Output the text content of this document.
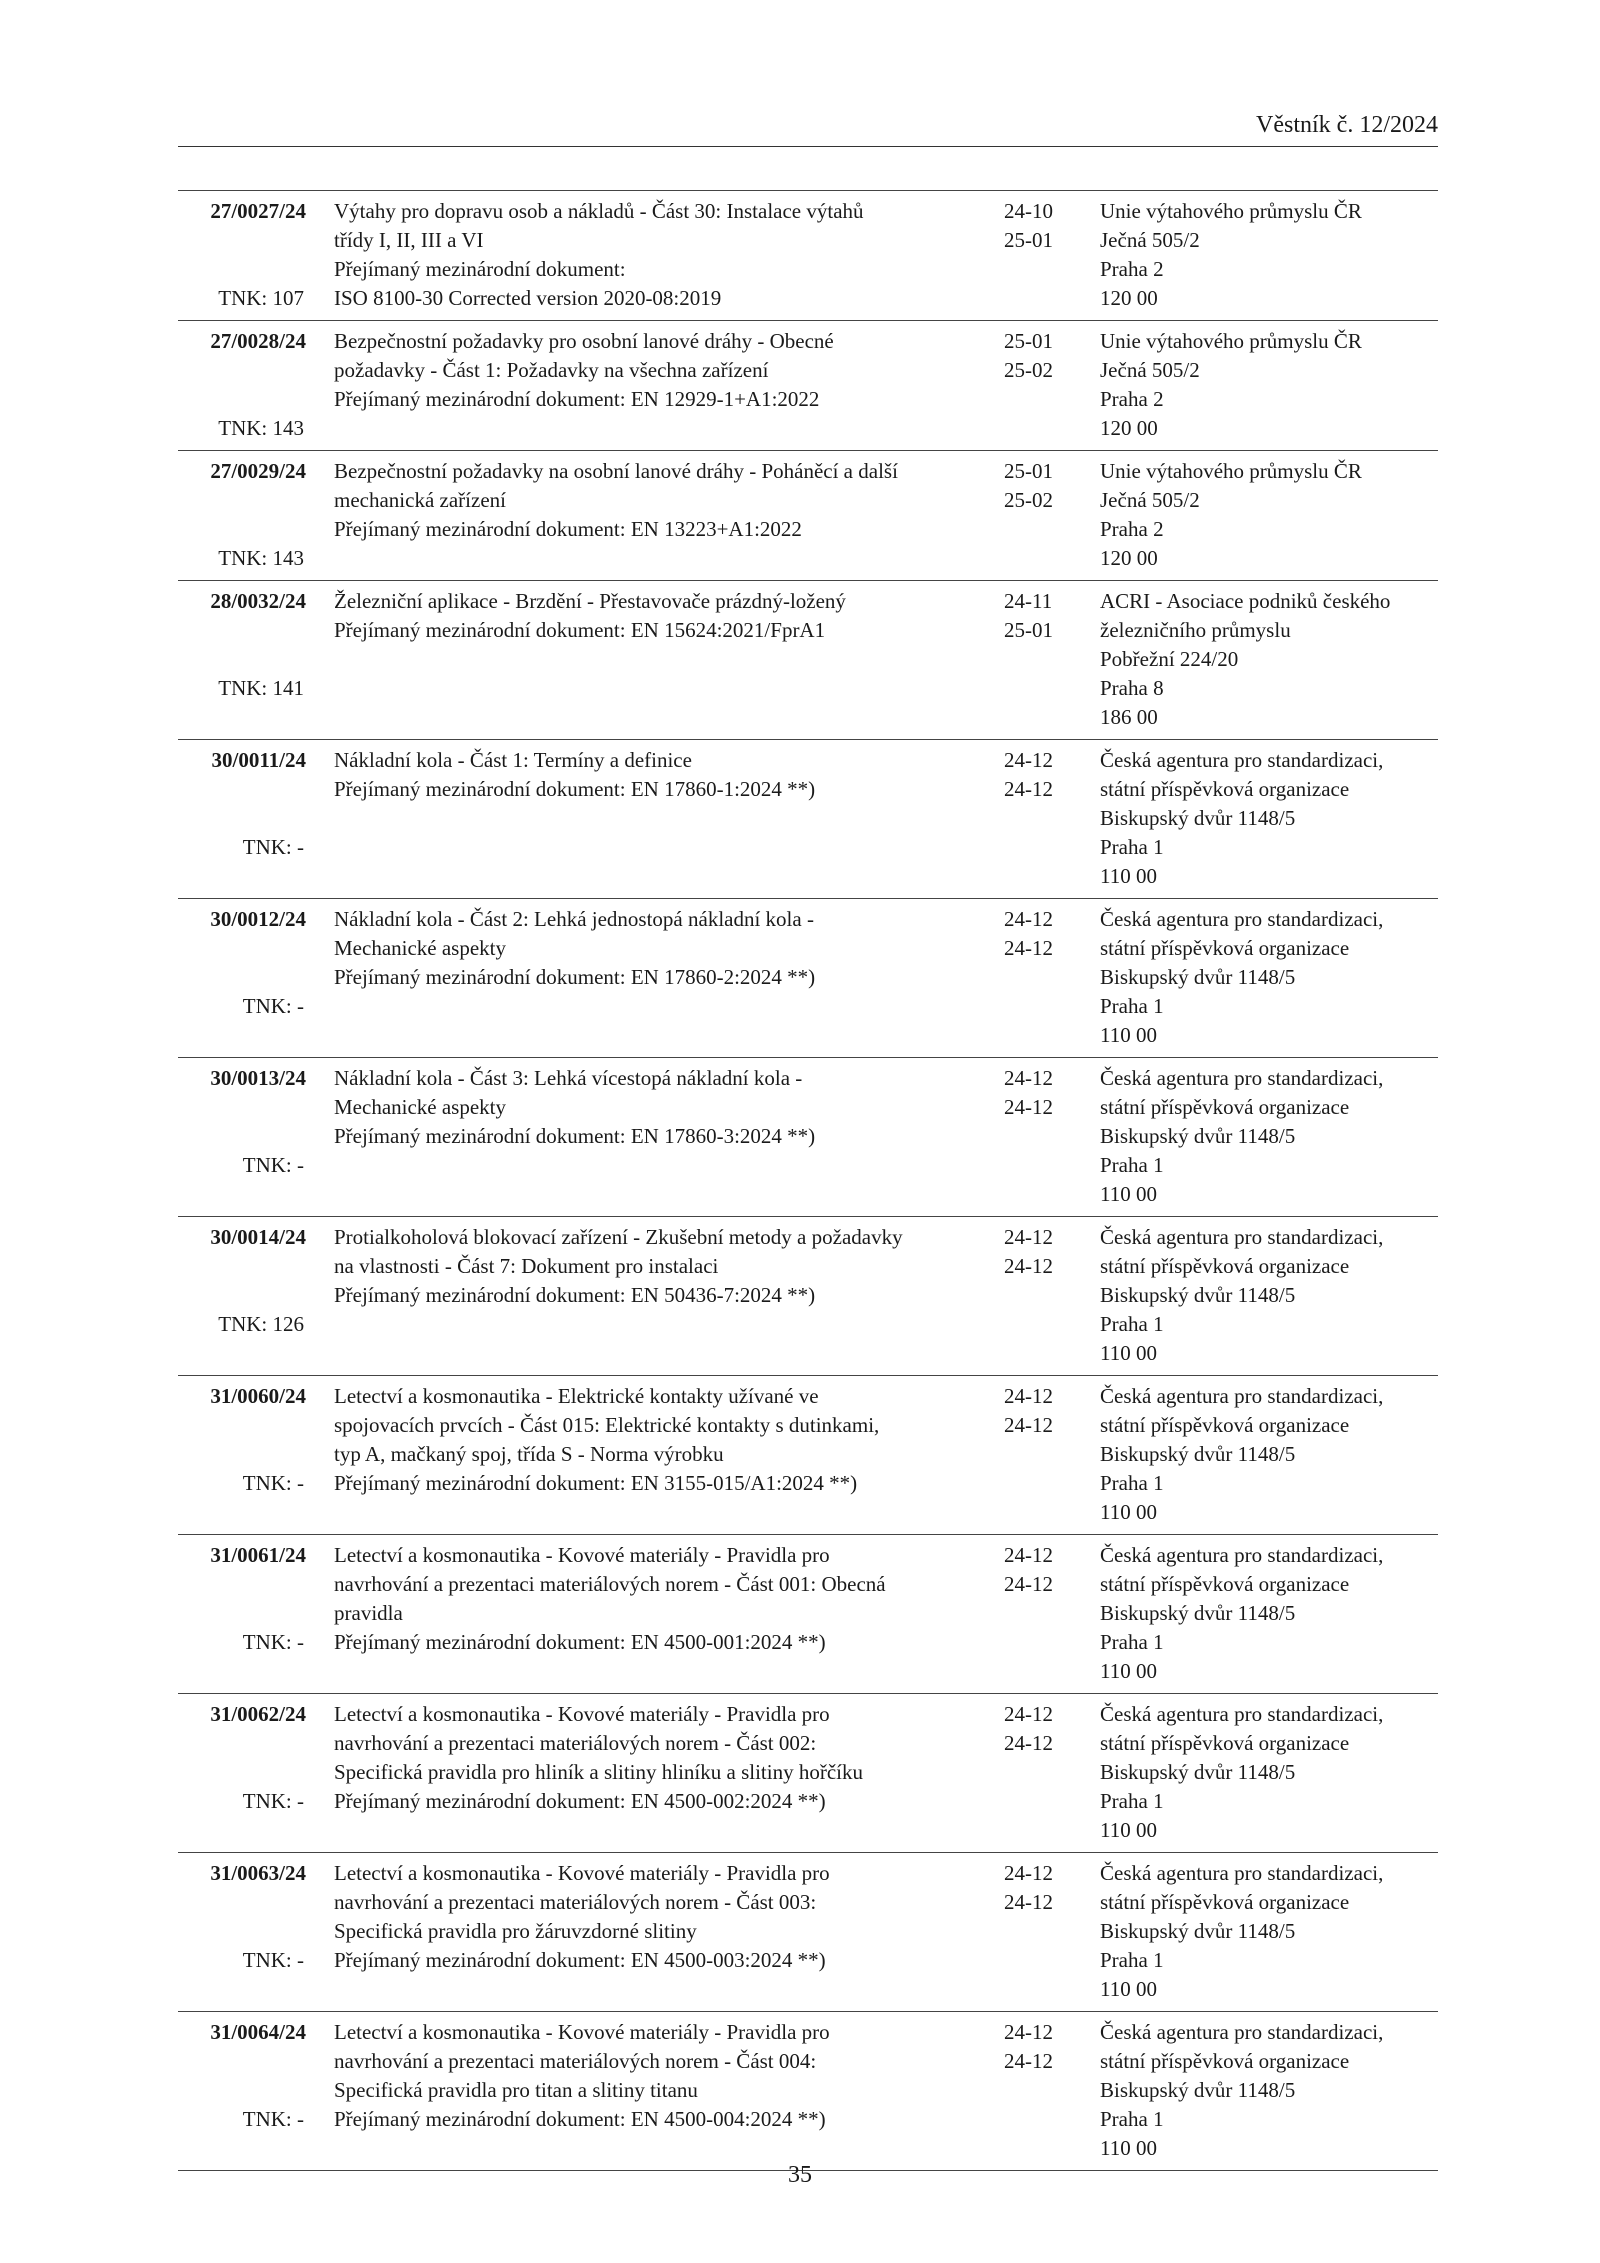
Věstník č. 12/2024
27/0027/24
TNK: 107
Výtahy pro dopravu osob a nákladů - Část 30: Instalace výtahů
třídy I, II, III a VI
Přejímaný mezinárodní dokument:
ISO 8100-30 Corrected version 2020-08:2019
24-10
25-01
Unie výtahového průmyslu ČR
Ječná 505/2
Praha 2
120 00
27/0028/24
TNK: 143
Bezpečnostní požadavky pro osobní lanové dráhy - Obecné
požadavky - Část 1: Požadavky na všechna zařízení
Přejímaný mezinárodní dokument: EN 12929-1+A1:2022
25-01
25-02
Unie výtahového průmyslu ČR
Ječná 505/2
Praha 2
120 00
27/0029/24
TNK: 143
Bezpečnostní požadavky na osobní lanové dráhy - Poháněcí a další
mechanická zařízení
Přejímaný mezinárodní dokument: EN 13223+A1:2022
25-01
25-02
Unie výtahového průmyslu ČR
Ječná 505/2
Praha 2
120 00
28/0032/24
TNK: 141
Železniční aplikace - Brzdění - Přestavovače prázdný-ložený
Přejímaný mezinárodní dokument: EN 15624:2021/FprA1
24-11
25-01
ACRI - Asociace podniků českého
železničního průmyslu
Pobřežní 224/20
Praha 8
186 00
30/0011/24
TNK: -
Nákladní kola - Část 1: Termíny a definice
Přejímaný mezinárodní dokument: EN 17860-1:2024 **)
24-12
24-12
Česká agentura pro standardizaci,
státní příspěvková organizace
Biskupský dvůr 1148/5
Praha 1
110 00
30/0012/24
TNK: -
Nákladní kola - Část 2: Lehká jednostopá nákladní kola -
Mechanické aspekty
Přejímaný mezinárodní dokument: EN 17860-2:2024 **)
24-12
24-12
Česká agentura pro standardizaci,
státní příspěvková organizace
Biskupský dvůr 1148/5
Praha 1
110 00
30/0013/24
TNK: -
Nákladní kola - Část 3: Lehká vícestopá nákladní kola -
Mechanické aspekty
Přejímaný mezinárodní dokument: EN 17860-3:2024 **)
24-12
24-12
Česká agentura pro standardizaci,
státní příspěvková organizace
Biskupský dvůr 1148/5
Praha 1
110 00
30/0014/24
TNK: 126
Protialkoholová blokovací zařízení - Zkušební metody a požadavky
na vlastnosti - Část 7: Dokument pro instalaci
Přejímaný mezinárodní dokument: EN 50436-7:2024 **)
24-12
24-12
Česká agentura pro standardizaci,
státní příspěvková organizace
Biskupský dvůr 1148/5
Praha 1
110 00
31/0060/24
TNK: -
Letectví a kosmonautika - Elektrické kontakty užívané ve
spojovacích prvcích - Část 015: Elektrické kontakty s dutinkami,
typ A, mačkaný spoj, třída S - Norma výrobku
Přejímaný mezinárodní dokument: EN 3155-015/A1:2024 **)
24-12
24-12
Česká agentura pro standardizaci,
státní příspěvková organizace
Biskupský dvůr 1148/5
Praha 1
110 00
31/0061/24
TNK: -
Letectví a kosmonautika - Kovové materiály - Pravidla pro
navrhování a prezentaci materiálových norem - Část 001: Obecná
pravidla
Přejímaný mezinárodní dokument: EN 4500-001:2024 **)
24-12
24-12
Česká agentura pro standardizaci,
státní příspěvková organizace
Biskupský dvůr 1148/5
Praha 1
110 00
31/0062/24
TNK: -
Letectví a kosmonautika - Kovové materiály - Pravidla pro
navrhování a prezentaci materiálových norem - Část 002:
Specifická pravidla pro hliník a slitiny hliníku a slitiny hořčíku
Přejímaný mezinárodní dokument: EN 4500-002:2024 **)
24-12
24-12
Česká agentura pro standardizaci,
státní příspěvková organizace
Biskupský dvůr 1148/5
Praha 1
110 00
31/0063/24
TNK: -
Letectví a kosmonautika - Kovové materiály - Pravidla pro
navrhování a prezentaci materiálových norem - Část 003:
Specifická pravidla pro žáruvzdorné slitiny
Přejímaný mezinárodní dokument: EN 4500-003:2024 **)
24-12
24-12
Česká agentura pro standardizaci,
státní příspěvková organizace
Biskupský dvůr 1148/5
Praha 1
110 00
31/0064/24
TNK: -
Letectví a kosmonautika - Kovové materiály - Pravidla pro
navrhování a prezentaci materiálových norem - Část 004:
Specifická pravidla pro titan a slitiny titanu
Přejímaný mezinárodní dokument: EN 4500-004:2024 **)
24-12
24-12
Česká agentura pro standardizaci,
státní příspěvková organizace
Biskupský dvůr 1148/5
Praha 1
110 00
35
